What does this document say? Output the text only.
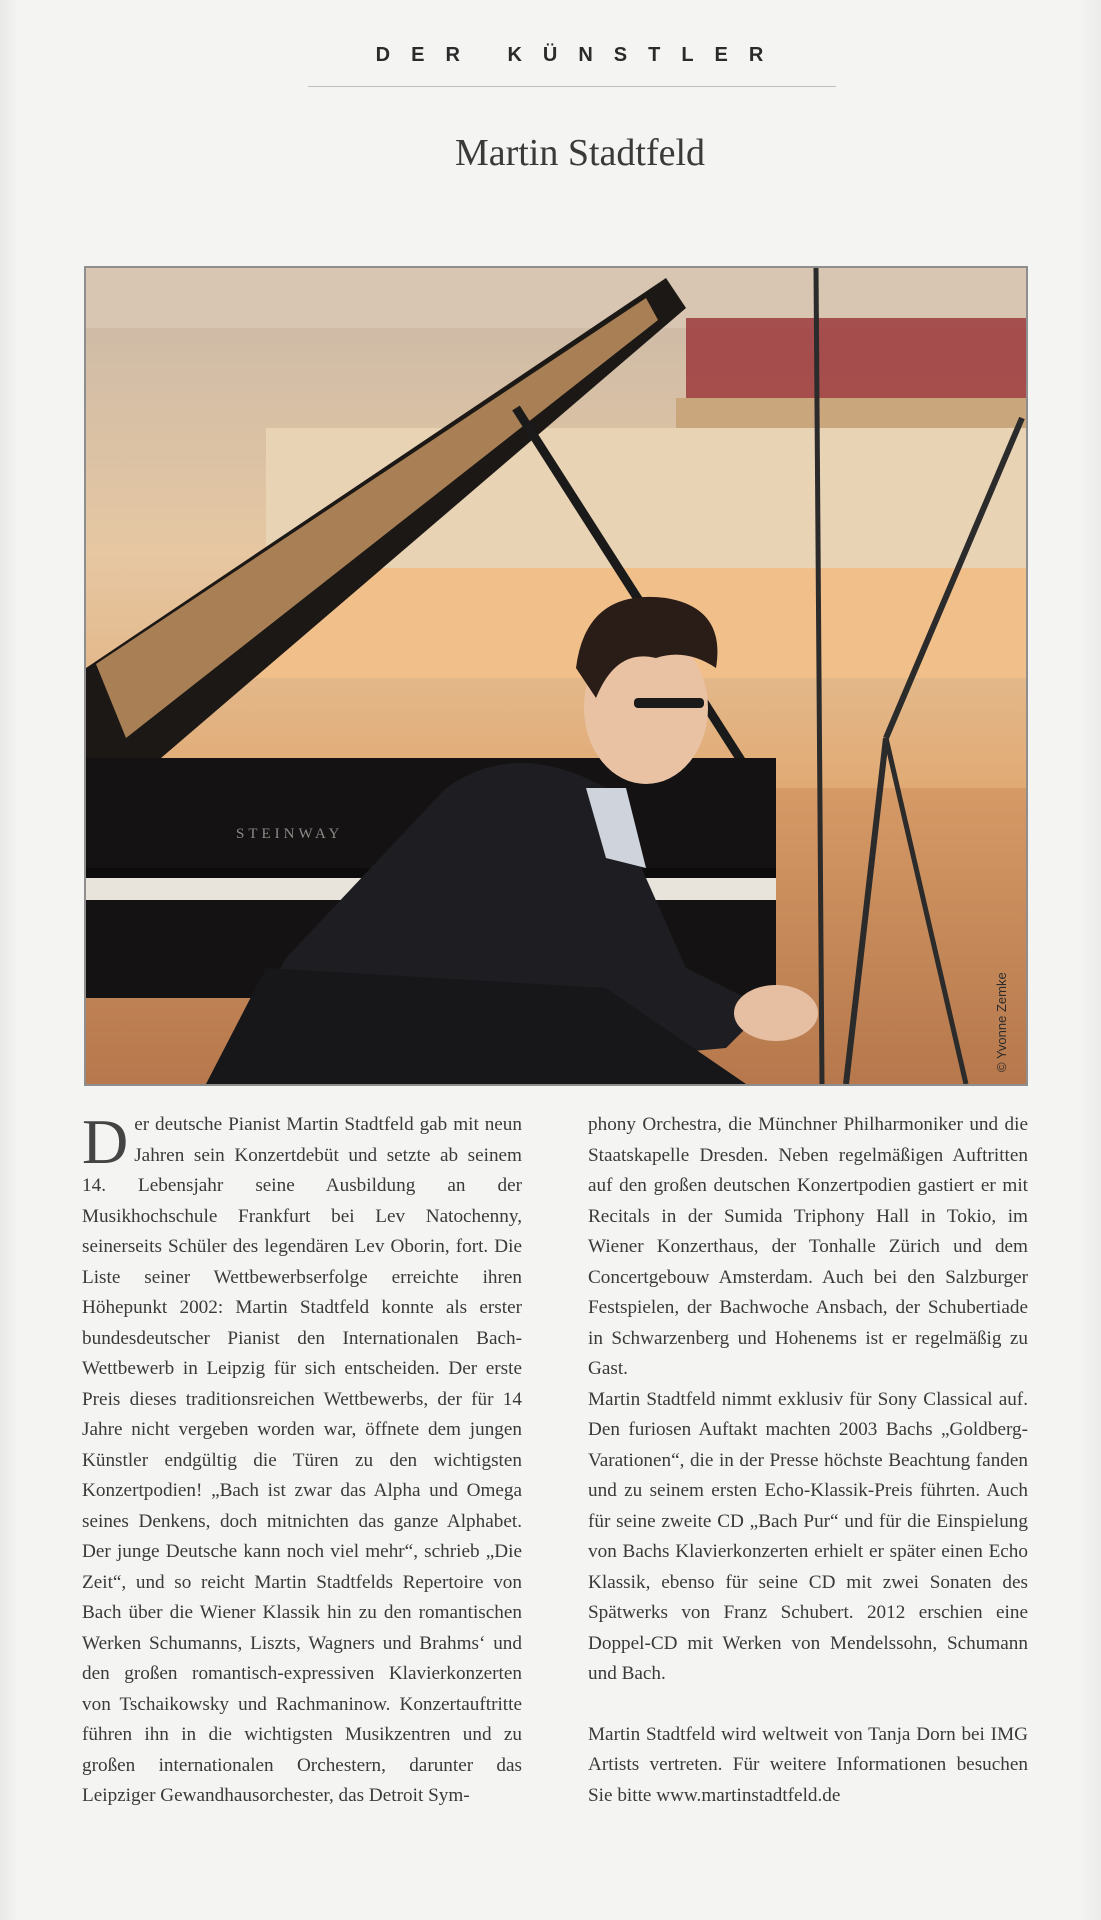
DER KÜNSTLER
Martin Stadtfeld
STEINWAY
© Yvonne Zemke

D er deutsche Pianist Martin Stadtfeld gab mit neun Jahren sein Konzertdebüt und setzte ab seinem 14. Lebensjahr seine Ausbildung an der Musikhochschule Frankfurt bei Lev Natochenny, seinerseits Schüler des legendären Lev Oborin, fort. Die Liste seiner Wettbewerbserfolge erreichte ihren Höhepunkt 2002: Martin Stadtfeld konnte als erster bundesdeutscher Pianist den Internationalen Bach-Wettbewerb in Leipzig für sich entscheiden. Der erste Preis dieses traditionsreichen Wettbewerbs, der für 14 Jahre nicht vergeben worden war, öffnete dem jungen Künstler endgültig die Türen zu den wichtigsten Konzertpodien! „Bach ist zwar das Alpha und Omega seines Denkens, doch mitnichten das ganze Alphabet. Der junge Deutsche kann noch viel mehr“, schrieb „Die Zeit“, und so reicht Martin Stadtfelds Repertoire von Bach über die Wiener Klassik hin zu den romantischen Werken Schumanns, Liszts, Wagners und Brahms‘ und den großen romantisch-expressiven Klavierkonzerten von Tschaikowsky und Rachmaninow. Konzertauftritte führen ihn in die wichtigsten Musikzentren und zu großen internationalen Orchestern, darunter das Leipziger Gewandhausorchester, das Detroit Sym-

phony Orchestra, die Münchner Philharmoniker und die Staatskapelle Dresden. Neben regelmäßigen Auftritten auf den großen deutschen Konzertpodien gastiert er mit Recitals in der Sumida Triphony Hall in Tokio, im Wiener Konzerthaus, der Tonhalle Zürich und dem Concertgebouw Amsterdam. Auch bei den Salzburger Festspielen, der Bachwoche Ansbach, der Schubertiade in Schwarzenberg und Hohenems ist er regelmäßig zu Gast.

Martin Stadtfeld nimmt exklusiv für Sony Classical auf. Den furiosen Auftakt machten 2003 Bachs „Goldberg-Varationen“, die in der Presse höchste Beachtung fanden und zu seinem ersten Echo-Klassik-Preis führten. Auch für seine zweite CD „Bach Pur“ und für die Einspielung von Bachs Klavierkonzerten erhielt er später einen Echo Klassik, ebenso für seine CD mit zwei Sonaten des Spätwerks von Franz Schubert. 2012 erschien eine Doppel-CD mit Werken von Mendelssohn, Schumann und Bach.

Martin Stadtfeld wird weltweit von Tanja Dorn bei IMG Artists vertreten. Für weitere Informationen besuchen Sie bitte www.martinstadtfeld.de
